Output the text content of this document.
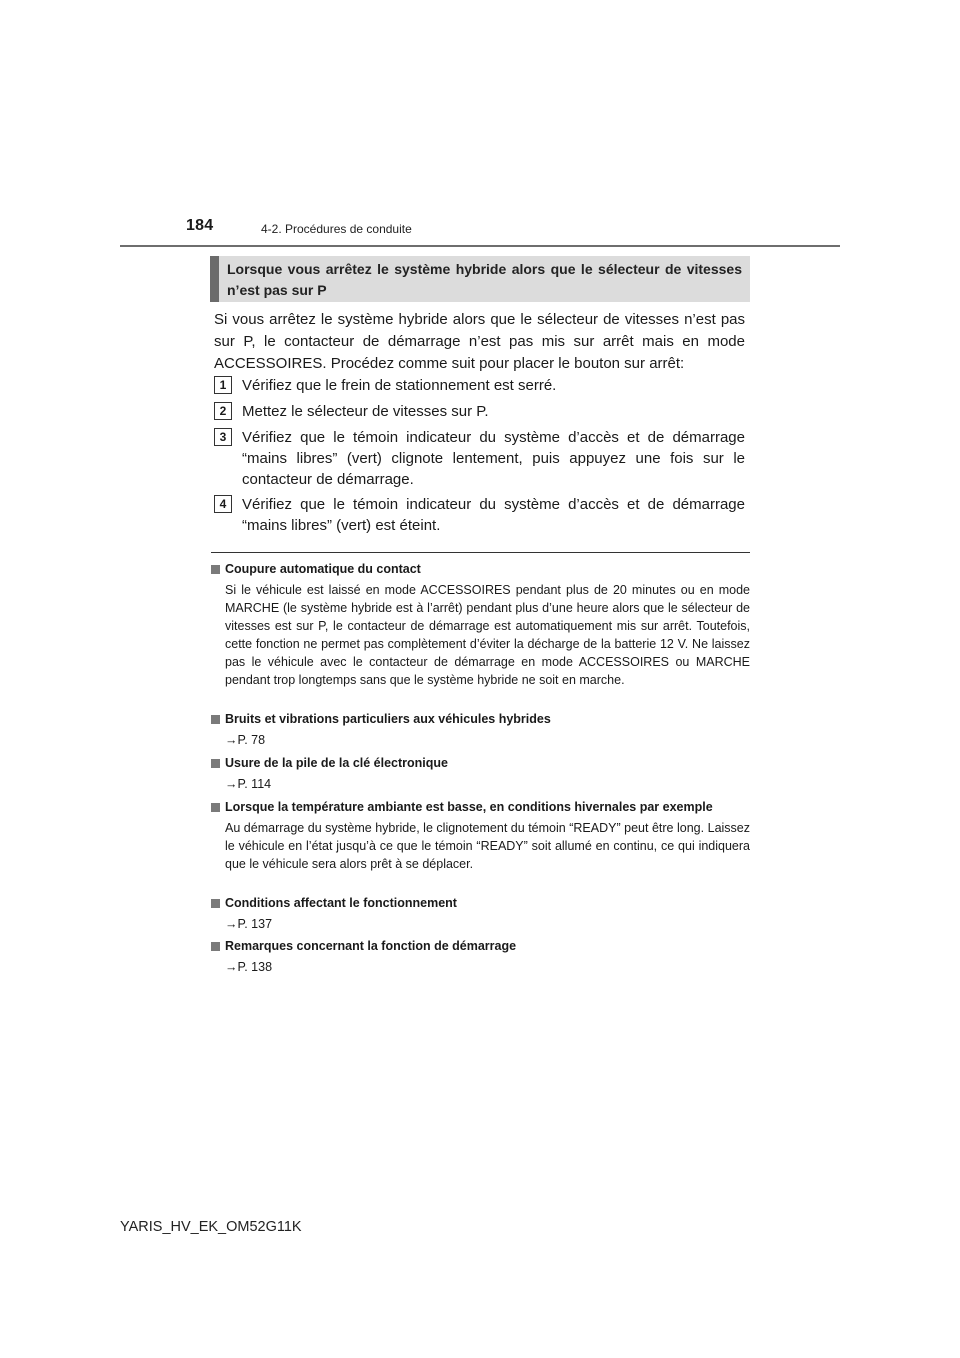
184	4-2. Procédures de conduite
Lorsque vous arrêtez le système hybride alors que le sélecteur de vitesses n’est pas sur P
Si vous arrêtez le système hybride alors que le sélecteur de vitesses n’est pas sur P, le contacteur de démarrage n’est pas mis sur arrêt mais en mode ACCESSOIRES. Procédez comme suit pour placer le bouton sur arrêt:
1	Vérifiez que le frein de stationnement est serré.
2	Mettez le sélecteur de vitesses sur P.
3	Vérifiez que le témoin indicateur du système d’accès et de démarrage “mains libres” (vert) clignote lentement, puis appuyez une fois sur le contacteur de démarrage.
4	Vérifiez que le témoin indicateur du système d’accès et de démarrage “mains libres” (vert) est éteint.
Coupure automatique du contact
Si le véhicule est laissé en mode ACCESSOIRES pendant plus de 20 minutes ou en mode MARCHE (le système hybride est à l’arrêt) pendant plus d’une heure alors que le sélecteur de vitesses est sur P, le contacteur de démarrage est automatiquement mis sur arrêt. Toutefois, cette fonction ne permet pas complètement d’éviter la décharge de la batterie 12 V. Ne laissez pas le véhicule avec le contacteur de démarrage en mode ACCESSOIRES ou MARCHE pendant trop longtemps sans que le système hybride ne soit en marche.
Bruits et vibrations particuliers aux véhicules hybrides
→P. 78
Usure de la pile de la clé électronique
→P. 114
Lorsque la température ambiante est basse, en conditions hivernales par exemple
Au démarrage du système hybride, le clignotement du témoin “READY” peut être long. Laissez le véhicule en l’état jusqu’à ce que le témoin “READY” soit allumé en continu, ce qui indiquera que le véhicule sera alors prêt à se déplacer.
Conditions affectant le fonctionnement
→P. 137
Remarques concernant la fonction de démarrage
→P. 138
YARIS_HV_EK_OM52G11K
